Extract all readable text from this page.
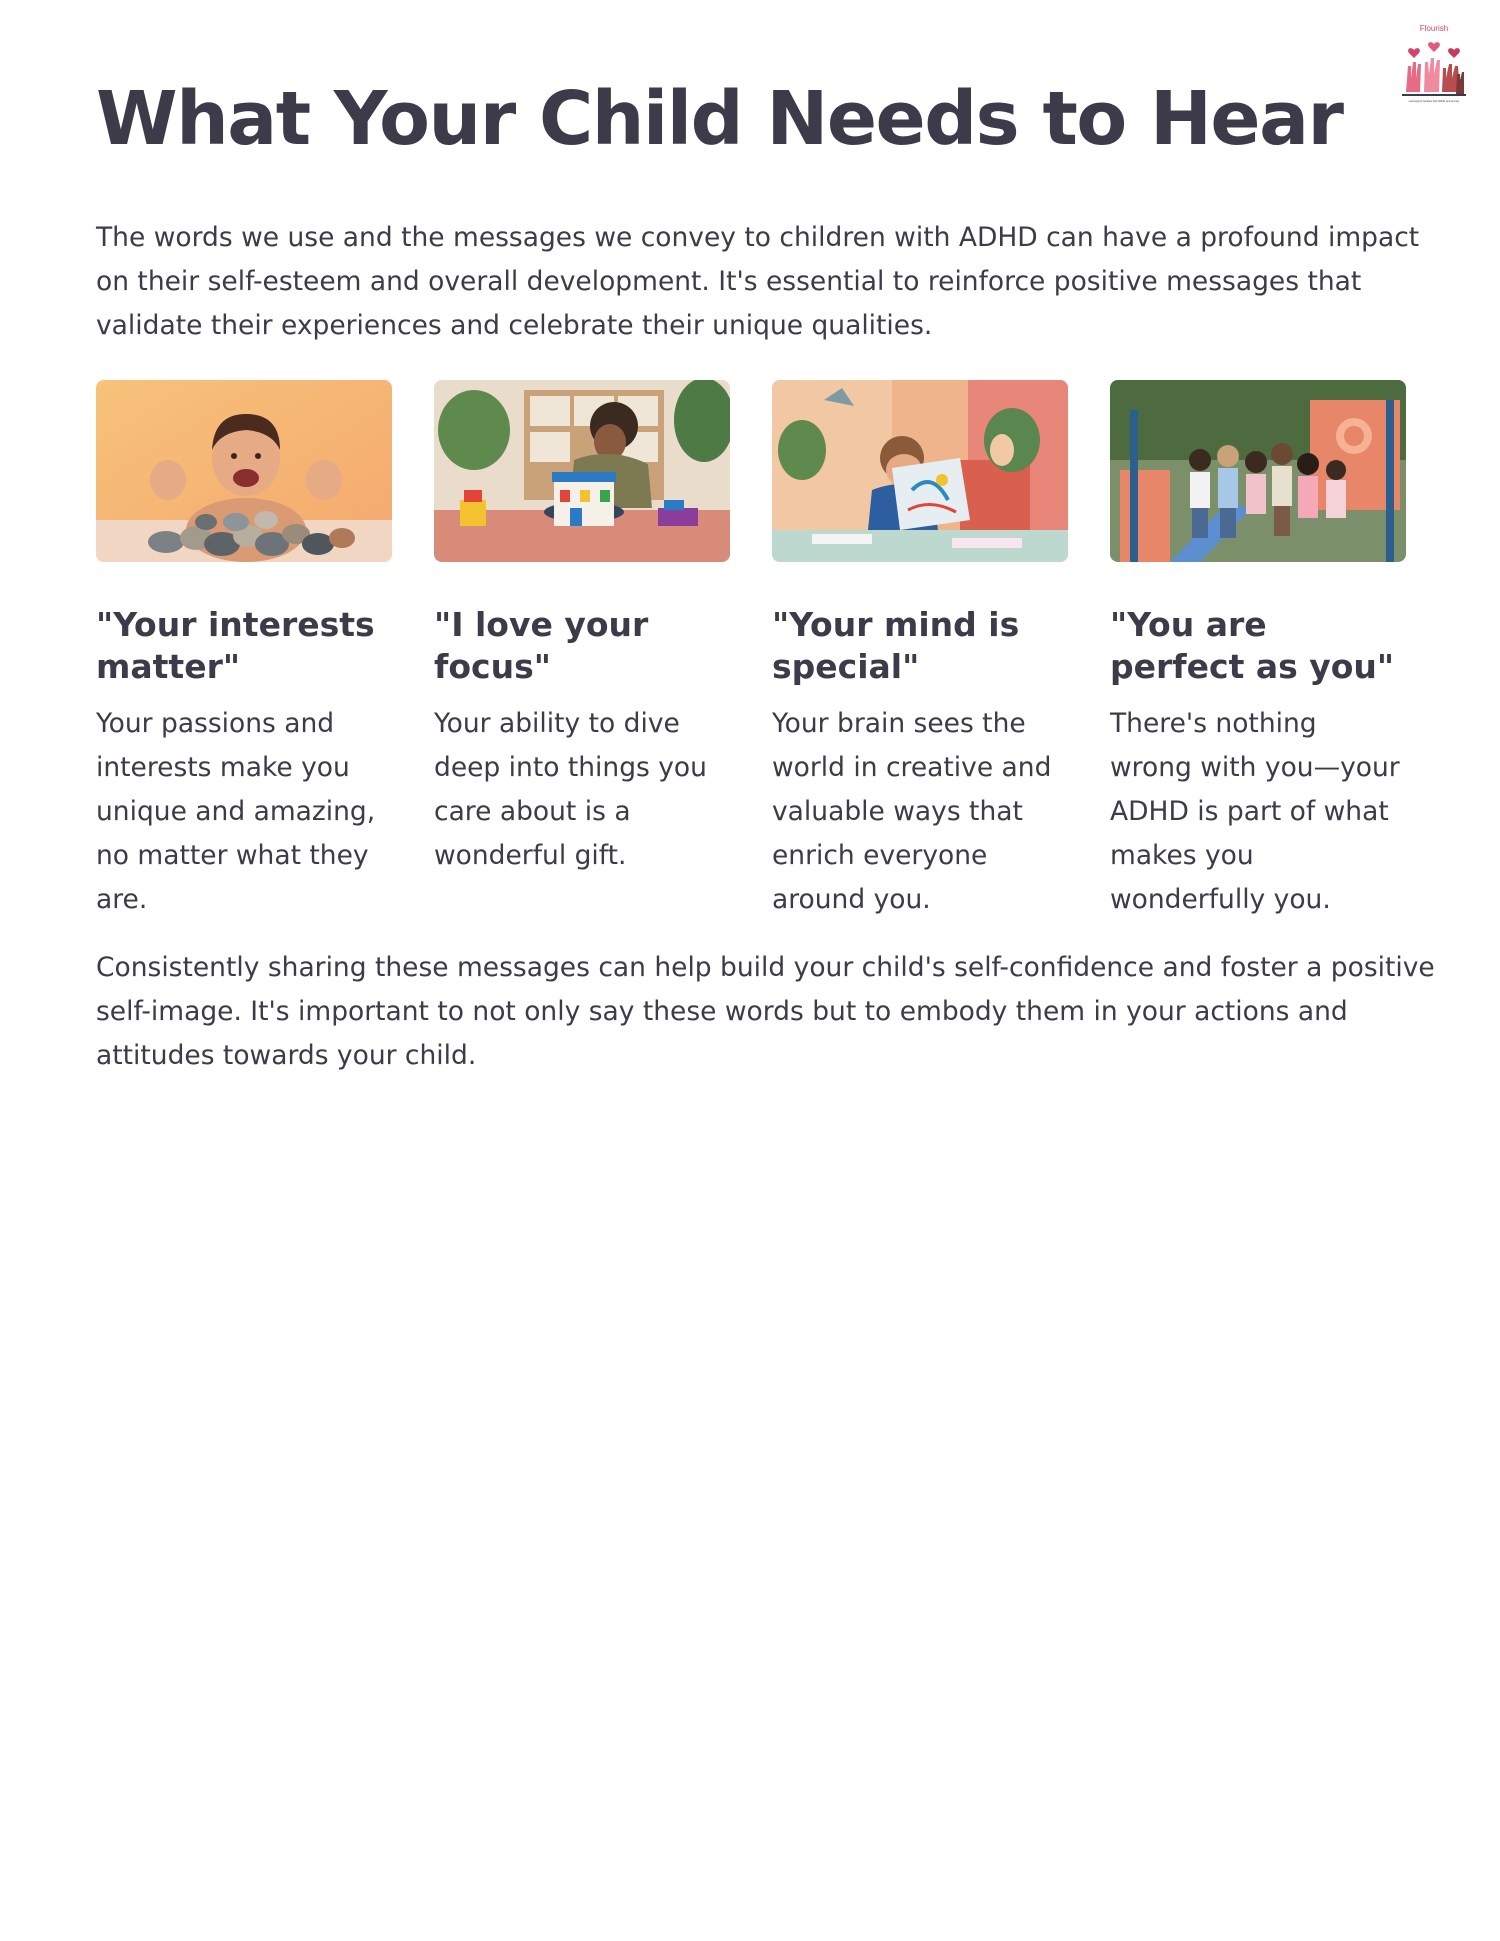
Flourish
Learning for families with ADHD and anxiety
What Your Child Needs to Hear

The words we use and the messages we convey to children with ADHD can have a profound impact on their self-esteem and overall development. It's essential to reinforce positive messages that validate their experiences and celebrate their unique qualities.

"Your interests matter"

Your passions and interests make you unique and amazing, no matter what they are.

"I love your focus"

Your ability to dive deep into things you care about is a wonderful gift.

"Your mind is special"

Your brain sees the world in creative and valuable ways that enrich everyone around you.

"You are perfect as you"

There's nothing wrong with you—your ADHD is part of what makes you wonderfully you.

Consistently sharing these messages can help build your child's self-confidence and foster a positive self-image. It's important to not only say these words but to embody them in your actions and attitudes towards your child.
